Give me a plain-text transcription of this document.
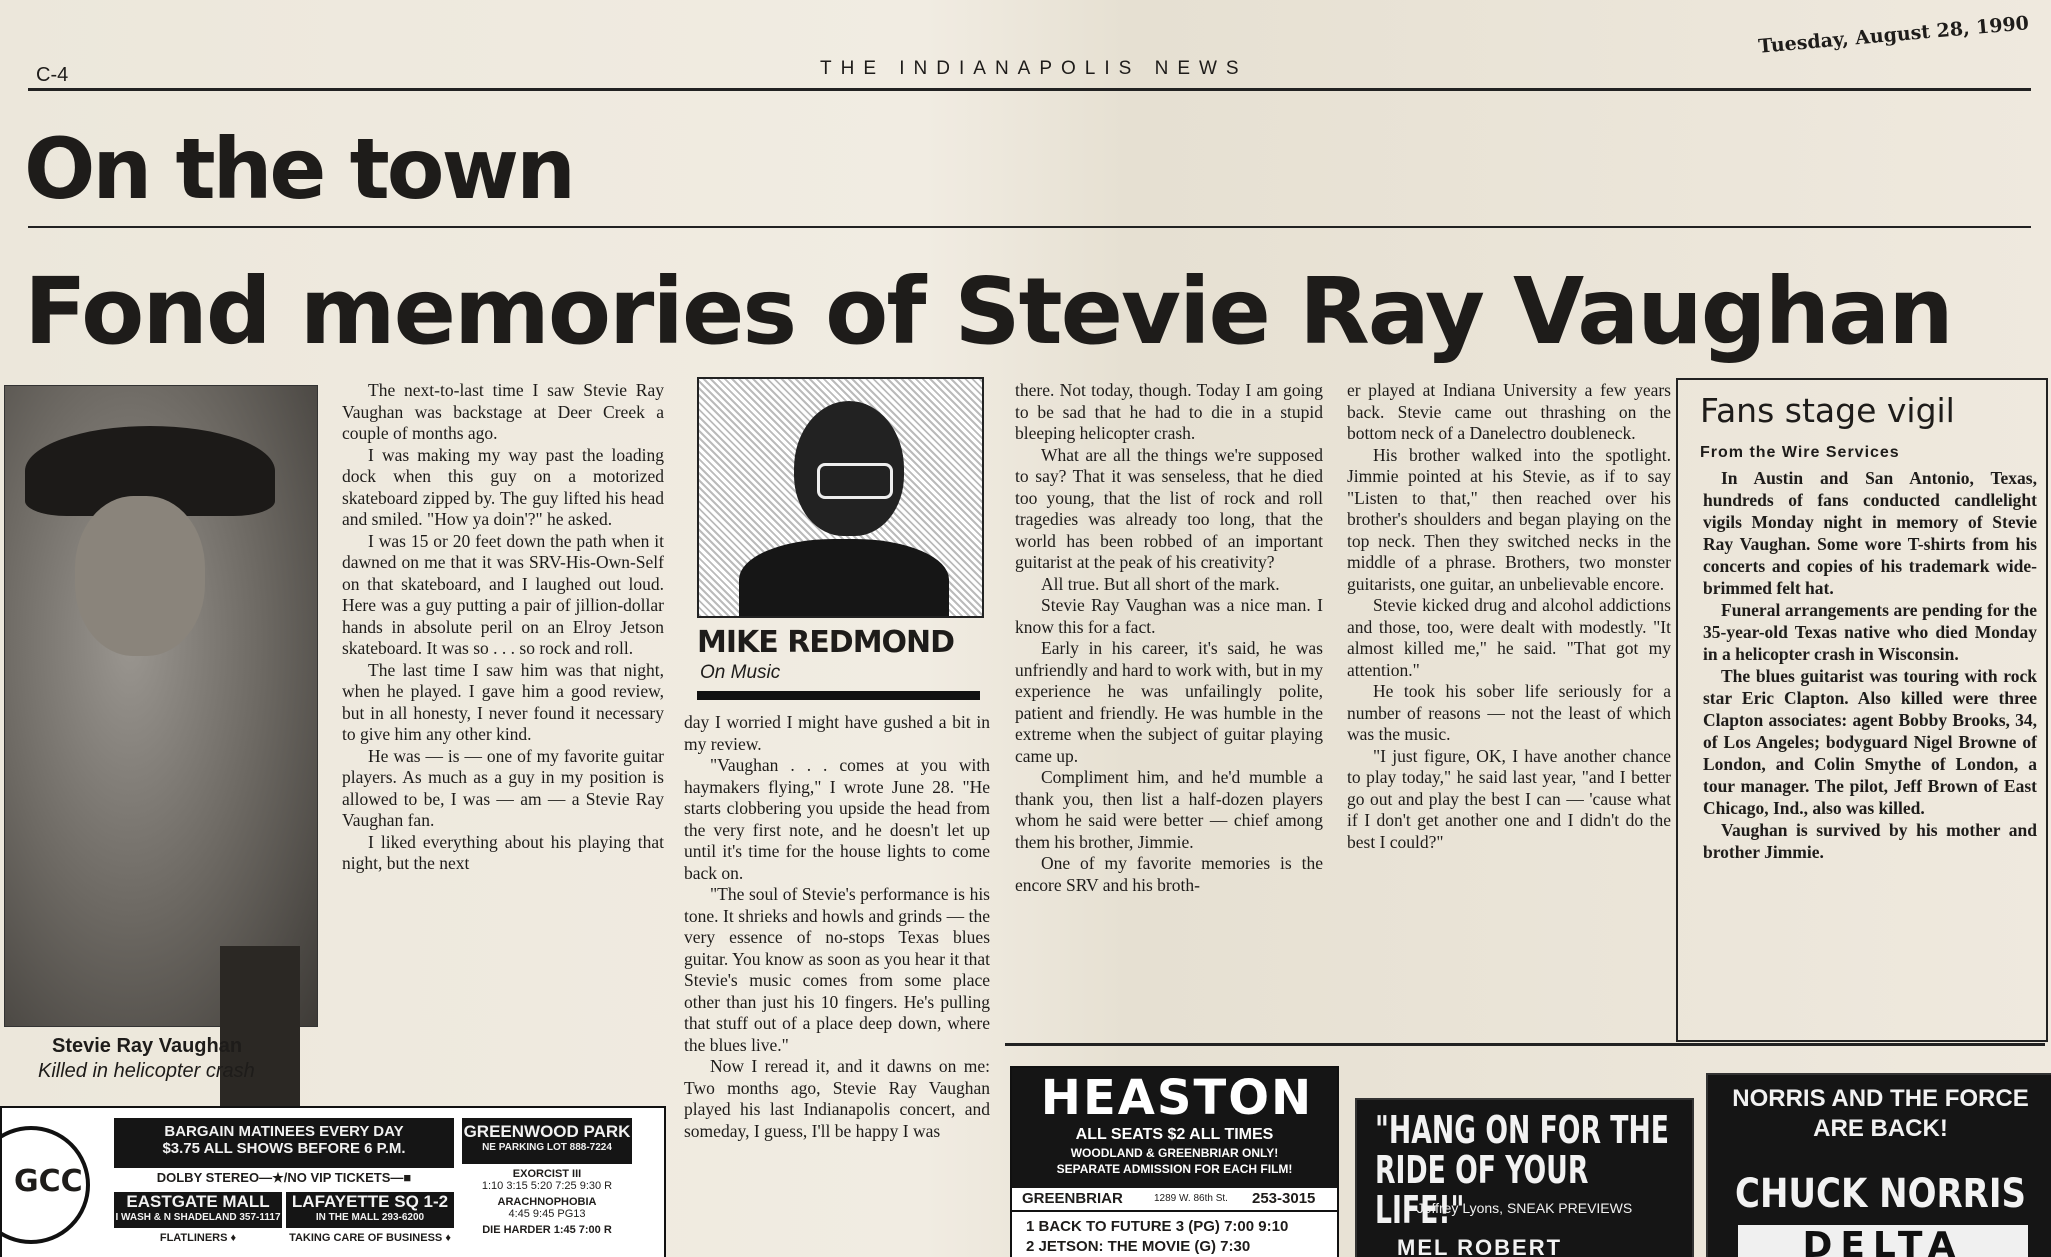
C-4	THE INDIANAPOLIS NEWS
Tuesday, August 28, 1990
On the town
Fond memories of Stevie Ray Vaughan
Stevie Ray Vaughan
Killed in helicopter crash

The next-to-last time I saw Stevie Ray Vaughan was backstage at Deer Creek a couple of months ago.

I was making my way past the loading dock when this guy on a motorized skateboard zipped by. The guy lifted his head and smiled. "How ya doin'?" he asked.

I was 15 or 20 feet down the path when it dawned on me that it was SRV-His-Own-Self on that skateboard, and I laughed out loud. Here was a guy putting a pair of jillion-dollar hands in absolute peril on an Elroy Jetson skateboard. It was so . . . so rock and roll.

The last time I saw him was that night, when he played. I gave him a good review, but in all honesty, I never found it necessary to give him any other kind.

He was — is — one of my favorite guitar players. As much as a guy in my position is allowed to be, I was — am — a Stevie Ray Vaughan fan.

I liked everything about his playing that night, but the next

MIKE REDMOND
On Music

day I worried I might have gushed a bit in my review.

"Vaughan . . . comes at you with haymakers flying," I wrote June 28. "He starts clobbering you upside the head from the very first note, and he doesn't let up until it's time for the house lights to come back on.

"The soul of Stevie's performance is his tone. It shrieks and howls and grinds — the very essence of no-stops Texas blues guitar. You know as soon as you hear it that Stevie's music comes from some place other than just his 10 fingers. He's pulling that stuff out of a place deep down, where the blues live."

Now I reread it, and it dawns on me: Two months ago, Stevie Ray Vaughan played his last Indianapolis concert, and someday, I guess, I'll be happy I was

there. Not today, though. Today I am going to be sad that he had to die in a stupid bleeping helicopter crash.

What are all the things we're supposed to say? That it was senseless, that he died too young, that the list of rock and roll tragedies was already too long, that the world has been robbed of an important guitarist at the peak of his creativity?

All true. But all short of the mark.

Stevie Ray Vaughan was a nice man. I know this for a fact.

Early in his career, it's said, he was unfriendly and hard to work with, but in my experience he was unfailingly polite, patient and friendly. He was humble in the extreme when the subject of guitar playing came up.

Compliment him, and he'd mumble a thank you, then list a half-dozen players whom he said were better — chief among them his brother, Jimmie.

One of my favorite memories is the encore SRV and his broth-

er played at Indiana University a few years back. Stevie came out thrashing on the bottom neck of a Danelectro doubleneck.

His brother walked into the spotlight. Jimmie pointed at his Stevie, as if to say "Listen to that," then reached over his brother's shoulders and began playing on the top neck. Then they switched necks in the middle of a phrase. Brothers, two monster guitarists, one guitar, an unbelievable encore.

Stevie kicked drug and alcohol addictions and those, too, were dealt with modestly. "It almost killed me," he said. "That got my attention."

He took his sober life seriously for a number of reasons — not the least of which was the music.

"I just figure, OK, I have another chance to play today," he said last year, "and I better go out and play the best I can — 'cause what if I don't get another one and I didn't do the best I could?"

Fans stage vigil
From the Wire Services

In Austin and San Antonio, Texas, hundreds of fans conducted candlelight vigils Monday night in memory of Stevie Ray Vaughan. Some wore T-shirts from his concerts and copies of his trademark wide-brimmed felt hat.

Funeral arrangements are pending for the 35-year-old Texas native who died Monday in a helicopter crash in Wisconsin.

The blues guitarist was touring with rock star Eric Clapton. Also killed were three Clapton associates: agent Bobby Brooks, 34, of Los Angeles; bodyguard Nigel Browne of London, and Colin Smythe of London, a tour manager. The pilot, Jeff Brown of East Chicago, Ind., also was killed.

Vaughan is survived by his mother and brother Jimmie.

GCC
BARGAIN MATINEES EVERY DAY
$3.75 ALL SHOWS BEFORE 6 P.M.
DOLBY STEREO—★/NO VIP TICKETS—■
EASTGATE MALL
I WASH & N SHADELAND 357-1117
FLATLINERS ♦
LAFAYETTE SQ 1-2
IN THE MALL 293-6200
TAKING CARE OF BUSINESS ♦
GREENWOOD PARK
NE PARKING LOT 888-7224
EXORCIST III
1:10 3:15 5:20 7:25 9:30 R
ARACHNOPHOBIA
4:45 9:45 PG13
DIE HARDER 1:45 7:00 R
HEASTON
ALL SEATS $2 ALL TIMES
WOODLAND & GREENBRIAR ONLY!
SEPARATE ADMISSION FOR EACH FILM!
GREENBRIAR	1289 W. 86th St. 253-3015
1 BACK TO FUTURE 3 (PG) 7:00 9:10
2 JETSON: THE MOVIE (G) 7:30
"HANG ON FOR THE RIDE OF YOUR LIFE!"
– Jeffrey Lyons, SNEAK PREVIEWS
MEL ROBERT
NORRIS AND THE FORCE
ARE BACK!
CHUCK NORRIS
DELTA
